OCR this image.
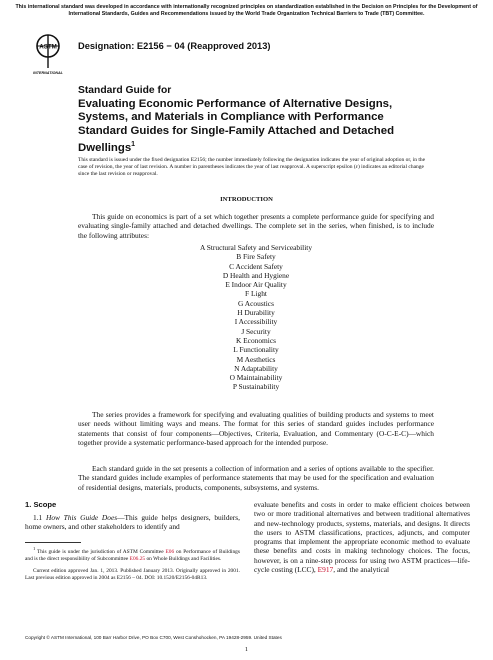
This international standard was developed in accordance with internationally recognized principles on standardization established in the Decision on Principles for the Development of International Standards, Guides and Recommendations issued by the World Trade Organization Technical Barriers to Trade (TBT) Committee.
ASTM
INTERNATIONAL
Designation: E2156 − 04 (Reapproved 2013)
Standard Guide for
Evaluating Economic Performance of Alternative Designs, Systems, and Materials in Compliance with Performance Standard Guides for Single-Family Attached and Detached Dwellings$^1$
This standard is issued under the fixed designation E2156; the number immediately following the designation indicates the year of original adoption or, in the case of revision, the year of last revision. A number in parentheses indicates the year of last reapproval. A superscript epsilon (ε) indicates an editorial change since the last revision or reapproval.
INTRODUCTION
This guide on economics is part of a set which together presents a complete performance guide for specifying and evaluating single-family attached and detached dwellings. The complete set in the series, when finished, is to include the following attributes:
A Structural Safety and Serviceability
B Fire Safety
C Accident Safety
D Health and Hygiene
E Indoor Air Quality
F Light
G Acoustics
H Durability
I Accessibility
J Security
K Economics
L Functionality
M Aesthetics
N Adaptability
O Maintainability
P Sustainability
The series provides a framework for specifying and evaluating qualities of building products and systems to meet user needs without limiting ways and means. The format for this series of standard guides includes performance statements that consist of four components—Objectives, Criteria, Evaluation, and Commentary (O-C-E-C)—which together provide a systematic performance-based approach for the intended purpose.
Each standard guide in the set presents a collection of information and a series of options available to the specifier. The standard guides include examples of performance statements that may be used for the specification and evaluation of residential designs, materials, products, components, subsystems, and systems.
1. Scope
1.1 How This Guide Does—This guide helps designers, builders, home owners, and other stakeholders to identify and
evaluate benefits and costs in order to make efficient choices between two or more traditional alternatives and between traditional alternatives and new-technology products, systems, materials, and designs. It directs the users to ASTM classifications, practices, adjuncts, and computer programs that implement the appropriate economic method to evaluate these benefits and costs in making technology choices. The focus, however, is on a nine-step process for using two ASTM practices—life-cycle costing (LCC), E917, and the analytical
$^1$ This guide is under the jurisdiction of ASTM Committee E06 on Performance of Buildings and is the direct responsibility of Subcommittee E06.25 on Whole Buildings and Facilities.
Current edition approved Jan. 1, 2013. Published January 2013. Originally approved in 2001. Last previous edition approved in 2004 as E2156 – 04. DOI: 10.1520/E2156-04R13.
Copyright © ASTM International, 100 Barr Harbor Drive, PO Box C700, West Conshohocken, PA 19428-2959. United States
1
